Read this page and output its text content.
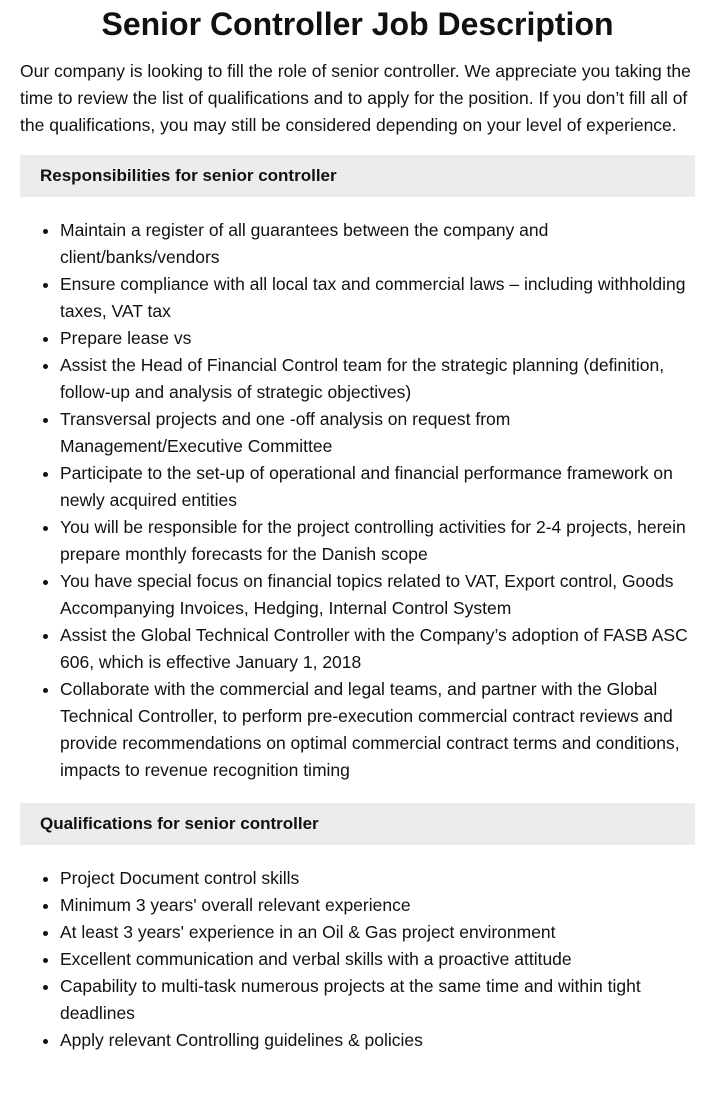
Senior Controller Job Description

Our company is looking to fill the role of senior controller. We appreciate you taking the time to review the list of qualifications and to apply for the position. If you don’t fill all of the qualifications, you may still be considered depending on your level of experience.

Responsibilities for senior controller
• Maintain a register of all guarantees between the company and client/banks/vendors
• Ensure compliance with all local tax and commercial laws – including withholding taxes, VAT tax
• Prepare lease vs
• Assist the Head of Financial Control team for the strategic planning (definition, follow-up and analysis of strategic objectives)
• Transversal projects and one -off analysis on request from Management/Executive Committee
• Participate to the set-up of operational and financial performance framework on newly acquired entities
• You will be responsible for the project controlling activities for 2-4 projects, herein prepare monthly forecasts for the Danish scope
• You have special focus on financial topics related to VAT, Export control, Goods Accompanying Invoices, Hedging, Internal Control System
• Assist the Global Technical Controller with the Company’s adoption of FASB ASC 606, which is effective January 1, 2018
• Collaborate with the commercial and legal teams, and partner with the Global Technical Controller, to perform pre-execution commercial contract reviews and provide recommendations on optimal commercial contract terms and conditions, impacts to revenue recognition timing
Qualifications for senior controller
• Project Document control skills
• Minimum 3 years' overall relevant experience
• At least 3 years' experience in an Oil & Gas project environment
• Excellent communication and verbal skills with a proactive attitude
• Capability to multi-task numerous projects at the same time and within tight deadlines
• Apply relevant Controlling guidelines & policies
